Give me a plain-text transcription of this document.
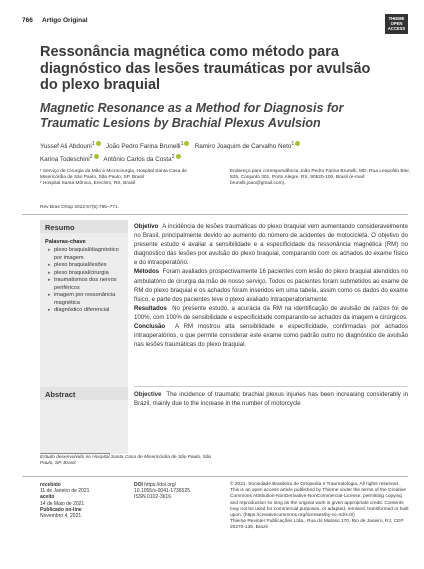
766 Artigo Original	THIEME
OPEN
ACCESS
Ressonância magnética como método para diagnóstico das lesões traumáticas por avulsão do plexo braquial
Magnetic Resonance as a Method for Diagnosis for Traumatic Lesions by Brachial Plexus Avulsion
Yussef Ali Abdouni$^1$ João Pedro Farina Brunelli$^1$ Ramiro Joaquim de Carvalho Neto$^1$
Karina Todeschini$^2$ Antônio Carlos da Costa$^2$
¹ Serviço de Cirurgia da Mão e Microcirurgia, Hospital Santa Casa de Misericórdia de São Paulo, São Paulo, SP, Brasil
² Hospital Santa Mônica, Erechim, RS, Brasil
Endereço para correspondência João Pedro Farina Brunelli, MD, Rua Leopoldo Bier, 825, Conjunto 301, Porto Alegre, RS, 90620-100, Brasil (e-mail: brunelli.joao@gmail.com).
Rev Bras Ortop 2022;57(5):766–771.
Resumo
Palavras-chave
▸ plexo braquial/diagnóstico por imagem
▸ plexo braquial/lesões
▸ plexo braquial/cirurgia
▸ traumatismos dos nervos periféricos
▸ imagem por ressonância magnética
▸ diagnóstico diferencial
Abstract

Objetivo A incidência de lesões traumáticas do plexo braquial vem aumentando consideravelmente no Brasil, principalmente devido ao aumento do número de acidentes de motocicleta. O objetivo do presente estudo é avaliar a sensibilidade e a especificidade da ressonância magnética (RM) no diagnóstico das lesões por avulsão do plexo braquial, comparando com os achados do exame físico e do intraoperatório.

Métodos Foram avaliados prospectivamente 16 pacientes com lesão do plexo braquial atendidos no ambulatório de cirurgia da mão de nosso serviço. Todos os pacientes foram submetidos ao exame de RM do plexo braquial e os achados foram inseridos em uma tabela, assim como os dados do exame físico, e parte dos pacientes teve o plexo avaliado intraoperatoriamente.

Resultados No presente estudo, a acurácia da RM na identificação de avulsão de raízes foi de 100%, com 100% de sensibilidade e especificidade comparando-se achados da imagem e cirúrgicos.

Conclusão A RM mostrou alta sensibilidade e especificidade, confirmadas por achados intraoperatórios, o que permite considerar este exame como padrão outro no diagnóstico de avulsão nas lesões traumáticas do plexo braquial.

Objective The incidence of traumatic brachial plexus injuries has been increasing considerably in Brazil, mainly due to the increase in the number of motorcycle

Estudo desenvolvido no Hospital Santa Casa de Misericórdia de São Paulo, São Paulo, SP, Brasil.
recebido
11 de Janeiro de 2021
aceito
14 de Maio de 2021
Publicado on-line
Novembro 4, 2021
DOI https://doi.org/
10.1055/s-0041-1736525.
ISSN 0102-3616.
© 2021. Sociedade Brasileira de Ortopedia e Traumatologia. All rights reserved.
This is an open access article published by Thieme under the terms of the Creative Commons Attribution-NonDerivative-NonCommercial-License, permitting copying and reproduction so long as the original work is given appropriate credit. Contents may not be used for commercial purposes, or adapted, remixed, transformed or built upon. (https://creativecommons.org/licenses/by-nc-nd/4.0/)
Thieme Revinter Publicações Ltda., Rua do Matoso 170, Rio de Janeiro, RJ, CEP 20270-135, Brazil
